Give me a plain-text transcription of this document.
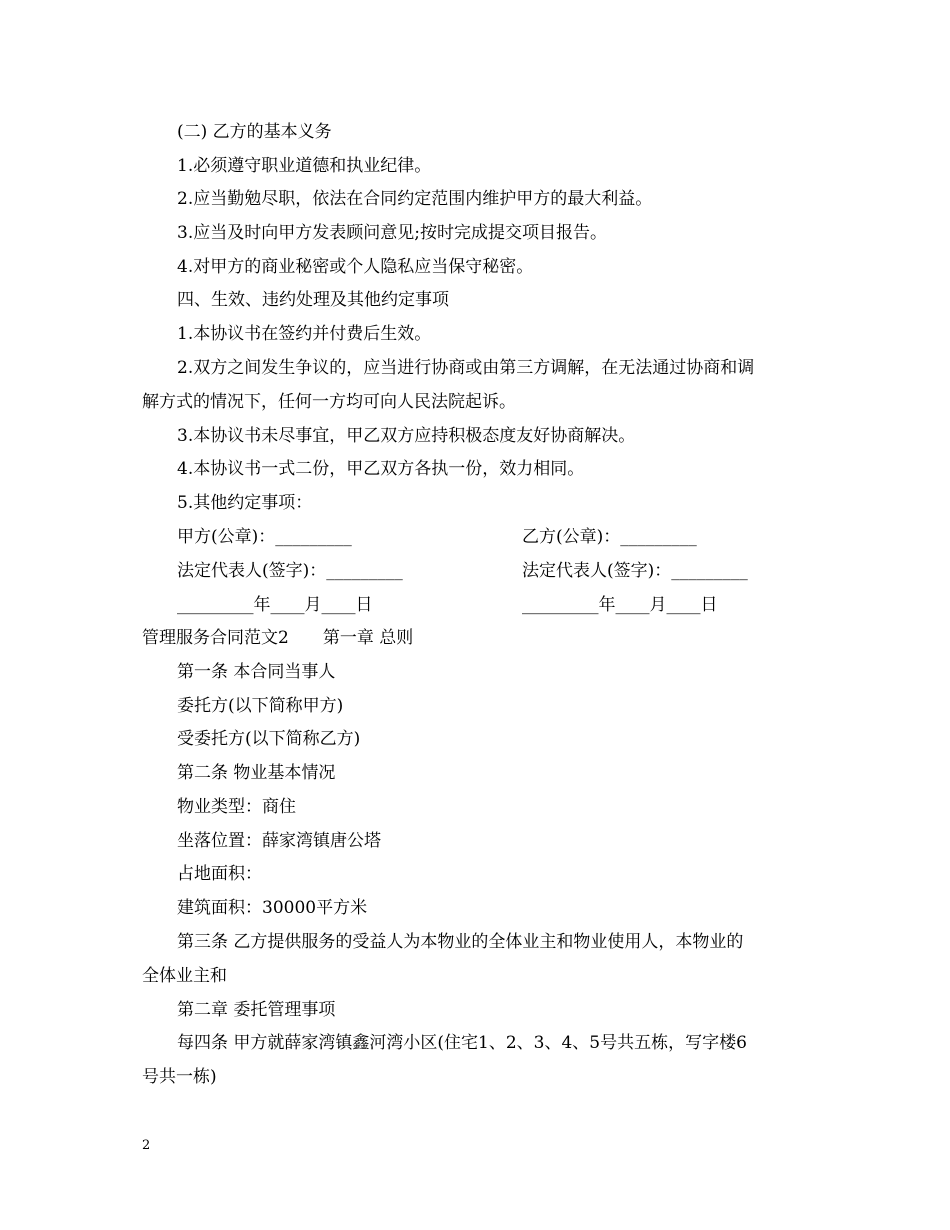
(二) 乙方的基本义务
1.必须遵守职业道德和执业纪律。
2.应当勤勉尽职，依法在合同约定范围内维护甲方的最大利益。
3.应当及时向甲方发表顾问意见;按时完成提交项目报告。
4.对甲方的商业秘密或个人隐私应当保守秘密。
四、生效、违约处理及其他约定事项
1.本协议书在签约并付费后生效。
2.双方之间发生争议的，应当进行协商或由第三方调解，在无法通过协商和调
解方式的情况下，任何一方均可向人民法院起诉。
3.本协议书未尽事宜，甲乙双方应持积极态度友好协商解决。
4.本协议书一式二份，甲乙双方各执一份，效力相同。
5.其他约定事项：
甲方(公章)：_________	乙方(公章)：_________
法定代表人(签字)：_________	法定代表人(签字)：_________
_________年____月____日	_________年____月____日
管理服务合同范文2　　第一章 总则
第一条 本合同当事人
委托方(以下简称甲方)
受委托方(以下简称乙方)
第二条 物业基本情况
物业类型：商住
坐落位置：薛家湾镇唐公塔
占地面积：
建筑面积：30000平方米
第三条 乙方提供服务的受益人为本物业的全体业主和物业使用人，本物业的
全体业主和
第二章 委托管理事项
每四条 甲方就薛家湾镇鑫河湾小区(住宅1、2、3、4、5号共五栋，写字楼6
号共一栋)
2
